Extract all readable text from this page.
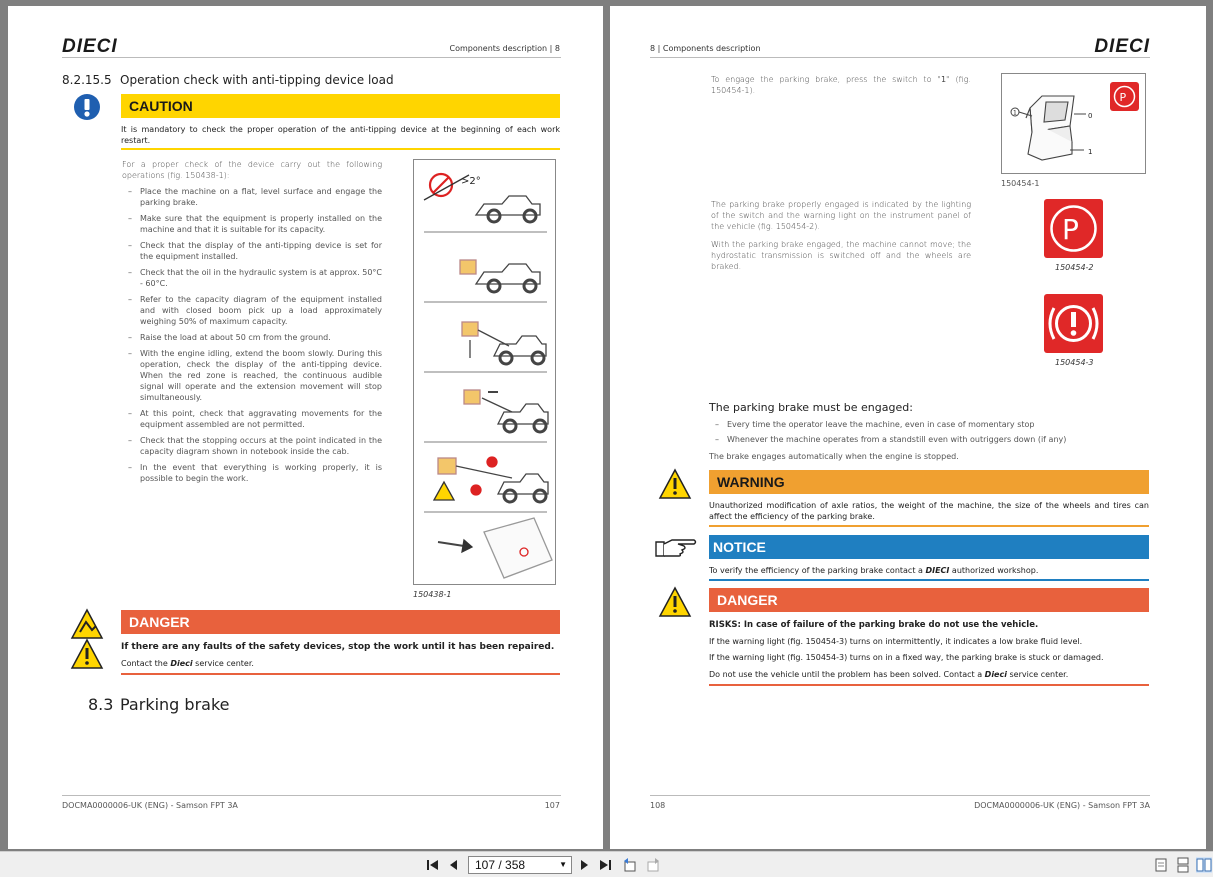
DIECI	Components description | 8
8.2.15.5 Operation check with anti-tipping device load
CAUTION
It is mandatory to check the proper operation of the anti-tipping device at the beginning of each work restart.
For a proper check of the device carry out the following operations (fig. 150438-1):
– Place the machine on a flat, level surface and engage the parking brake.
– Make sure that the equipment is properly installed on the machine and that it is suitable for its capacity.
– Check that the display of the anti-tipping device is set for the equipment installed.
– Check that the oil in the hydraulic system is at approx. 50°C - 60°C.
– Refer to the capacity diagram of the equipment installed and with closed boom pick up a load approximately weighing 50% of maximum capacity.
– Raise the load at about 50 cm from the ground.
– With the engine idling, extend the boom slowly. During this operation, check the display of the anti-tipping device. When the red zone is reached, the continuous audible signal will operate and the extension movement will stop simultaneously.
– At this point, check that aggravating movements for the equipment assembled are not permitted.
– Check that the stopping occurs at the point indicated in the capacity diagram shown in notebook inside the cab.
– In the event that everything is working properly, it is possible to begin the work.
>2°
150438-1
DANGER
If there are any faults of the safety devices, stop the work until it has been repaired.
Contact the Dieci service center.
8.3 Parking brake
DOCMA0000006-UK (ENG) - Samson FPT 3A	107
8 | Components description	DIECI
To engage the parking brake, press the switch to "1" (fig. 150454-1).
0
1
1
P
150454-1
The parking brake properly engaged is indicated by the lighting of the switch and the warning light on the instrument panel of the vehicle (fig. 150454-2).
With the parking brake engaged, the machine cannot move; the hydrostatic transmission is switched off and the wheels are braked.
P
150454-2
150454-3
The parking brake must be engaged:
– Every time the operator leave the machine, even in case of momentary stop
– Whenever the machine operates from a standstill even with outriggers down (if any)
The brake engages automatically when the engine is stopped.
WARNING
Unauthorized modification of axle ratios, the weight of the machine, the size of the wheels and tires can affect the efficiency of the parking brake.
NOTICE
To verify the efficiency of the parking brake contact a DIECI authorized workshop.
DANGER
RISKS: In case of failure of the parking brake do not use the vehicle.
If the warning light (fig. 150454-3) turns on intermittently, it indicates a low brake fluid level.
If the warning light (fig. 150454-3) turns on in a fixed way, the parking brake is stuck or damaged.
Do not use the vehicle until the problem has been solved. Contact a Dieci service center.
108	DOCMA0000006-UK (ENG) - Samson FPT 3A
107 / 358	▼
